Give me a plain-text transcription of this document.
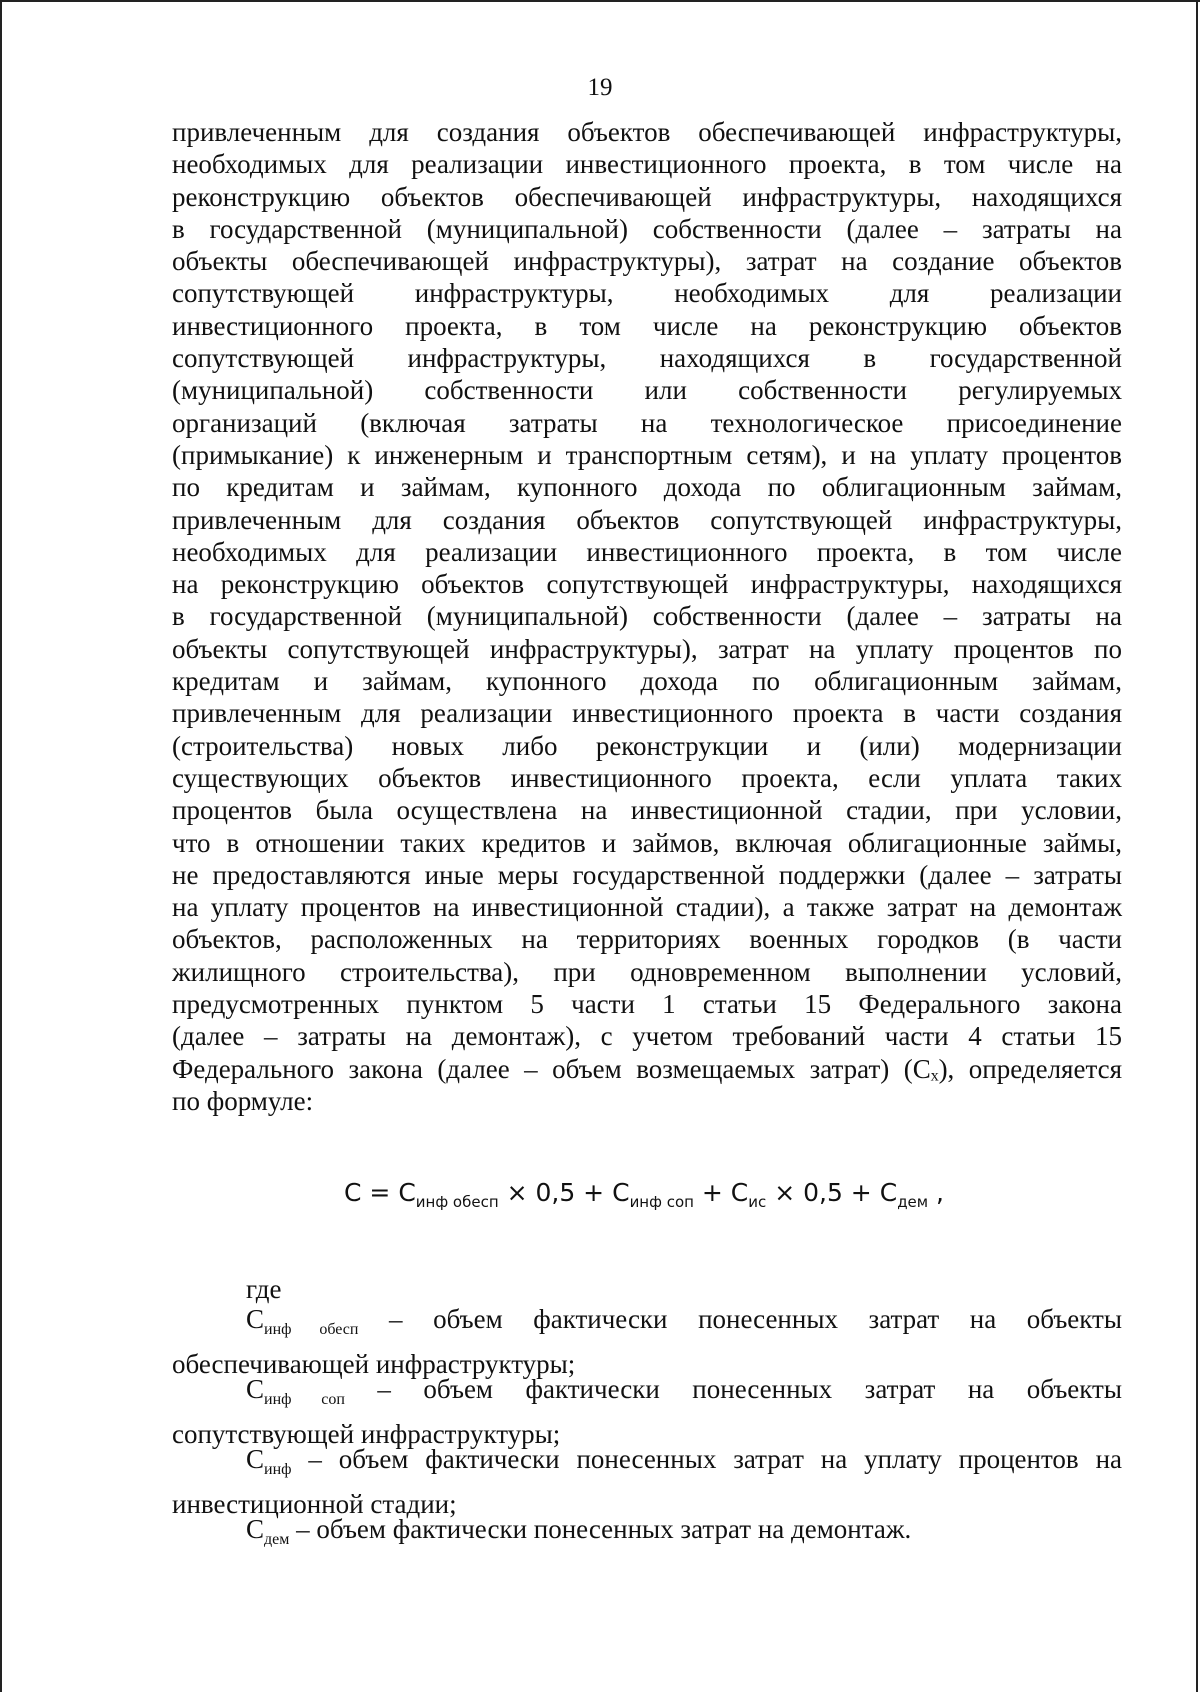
19
привлеченным для создания объектов обеспечивающей инфраструктуры,
необходимых для реализации инвестиционного проекта, в том числе на
реконструкцию объектов обеспечивающей инфраструктуры, находящихся
в государственной (муниципальной) собственности (далее – затраты на
объекты обеспечивающей инфраструктуры), затрат на создание объектов
сопутствующей инфраструктуры, необходимых для реализации
инвестиционного проекта, в том числе на реконструкцию объектов
сопутствующей инфраструктуры, находящихся в государственной
(муниципальной) собственности или собственности регулируемых
организаций (включая затраты на технологическое присоединение
(примыкание) к инженерным и транспортным сетям), и на уплату процентов
по кредитам и займам, купонного дохода по облигационным займам,
привлеченным для создания объектов сопутствующей инфраструктуры,
необходимых для реализации инвестиционного проекта, в том числе
на реконструкцию объектов сопутствующей инфраструктуры, находящихся
в государственной (муниципальной) собственности (далее – затраты на
объекты сопутствующей инфраструктуры), затрат на уплату процентов по
кредитам и займам, купонного дохода по облигационным займам,
привлеченным для реализации инвестиционного проекта в части создания
(строительства) новых либо реконструкции и (или) модернизации
существующих объектов инвестиционного проекта, если уплата таких
процентов была осуществлена на инвестиционной стадии, при условии,
что в отношении таких кредитов и займов, включая облигационные займы,
не предоставляются иные меры государственной поддержки (далее – затраты
на уплату процентов на инвестиционной стадии), а также затрат на демонтаж
объектов, расположенных на территориях военных городков (в части
жилищного строительства), при одновременном выполнении условий,
предусмотренных пунктом 5 части 1 статьи 15 Федерального закона
(далее – затраты на демонтаж), с учетом требований части 4 статьи 15
Федерального закона (далее – объем возмещаемых затрат) (Cₓ), определяется
по формуле:
$C = C_{инф обесп} \times 0,5 + C_{инф соп} + C_{ис} \times 0,5 + C_{дем}$ ,
где
$C_{инф обесп}$ – объем фактически понесенных затрат на объекты
обеспечивающей инфраструктуры;
$C_{инф соп}$ – объем фактически понесенных затрат на объекты
сопутствующей инфраструктуры;
$C_{инф}$ – объем фактически понесенных затрат на уплату процентов на
инвестиционной стадии;
$C_{дем}$ – объем фактически понесенных затрат на демонтаж.
